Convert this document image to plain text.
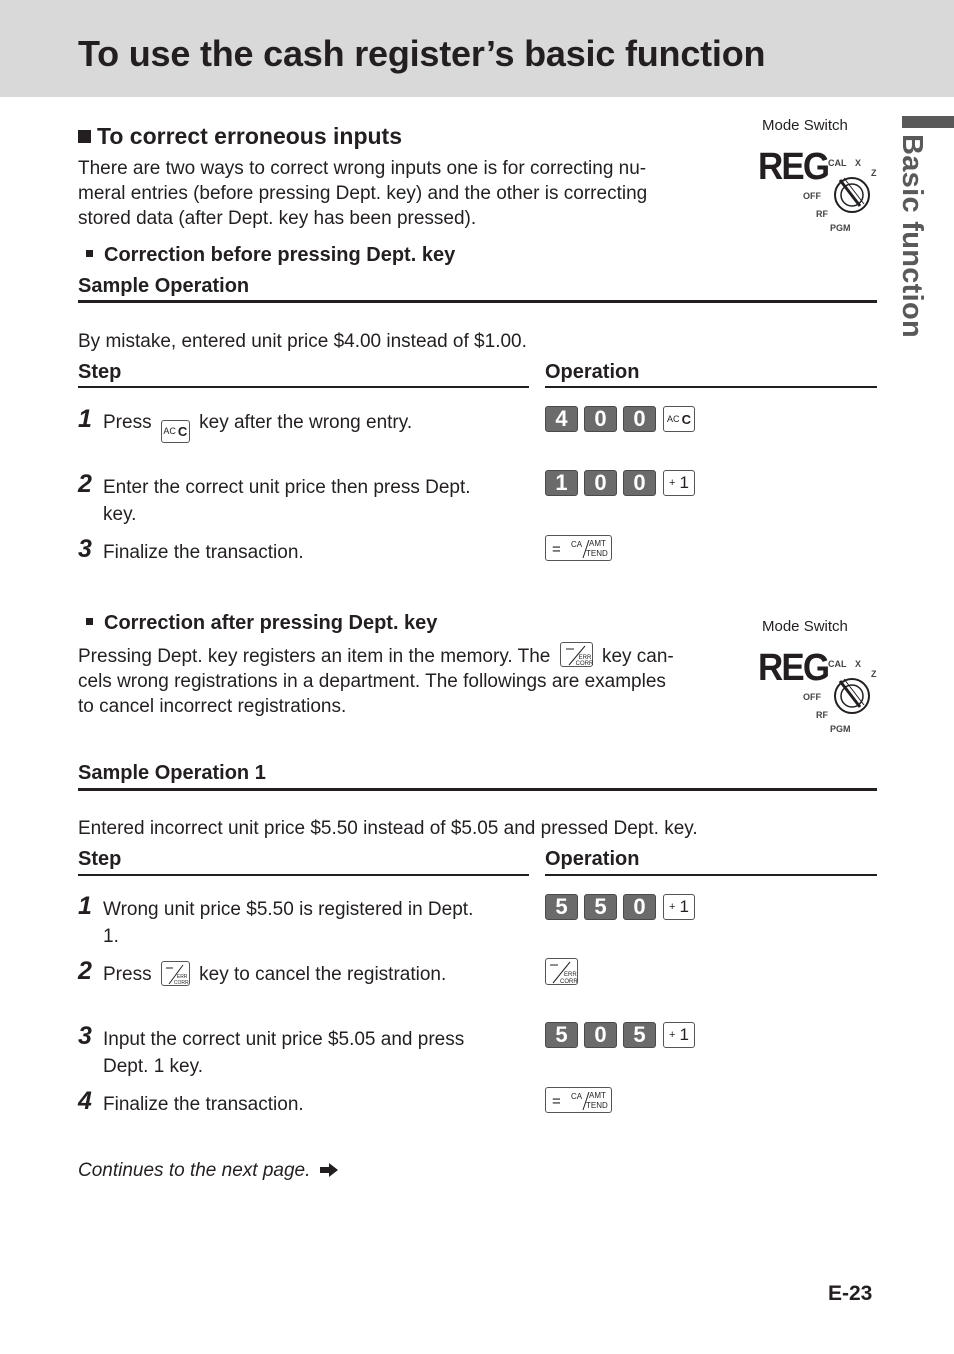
To use the cash register’s basic function
Basic function
To correct erroneous inputs
There are two ways to correct wrong inputs one is for correcting nu-
meral entries (before pressing Dept. key) and the other is correcting
stored data (after Dept. key has been pressed).
Mode Switch
REG CAL X
Z
OFF
RF
PGM
Correction before pressing Dept. key
Sample Operation
By mistake, entered unit price $4.00 instead of $1.00.
Step	Operation
1 Press AC C key after the wrong entry.	4	0	0	AC C
2 Enter the correct unit price then press Dept.
key.
1	0	0	+ 1
3 Finalize the transaction.	= CA AMT
TEND
Correction after pressing Dept. key
Pressing Dept. key registers an item in the memory. The	ERR
CORR key can-
cels wrong registrations in a department. The followings are examples
to cancel incorrect registrations.
Mode Switch
REG CAL X
Z
OFF
RF
PGM
Sample Operation 1
Entered incorrect unit price $5.50 instead of $5.05 and pressed Dept. key.
Step	Operation
1 Wrong unit price $5.50 is registered in Dept.
1.
5	5	0	+ 1
2 Press	ERR
CORR key to cancel the registration.	ERR
CORR
3 Input the correct unit price $5.05 and press
Dept. 1 key.
5	0	5	+ 1
4 Finalize the transaction.	= CA AMT
TEND
Continues to the next page.
E-23
